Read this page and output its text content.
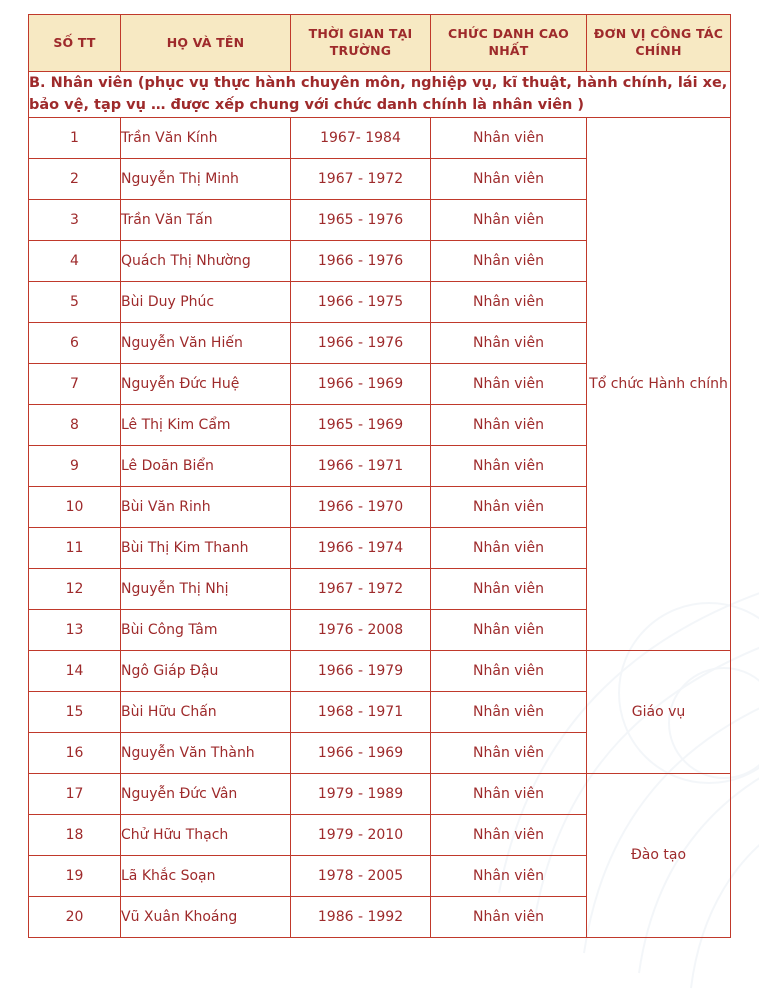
SỐ TT	HỌ VÀ TÊN	THỜI GIAN TẠI TRƯỜNG	CHỨC DANH CAO NHẤT	ĐƠN VỊ CÔNG TÁC CHÍNH
B. Nhân viên (phục vụ thực hành chuyên môn, nghiệp vụ, kĩ thuật, hành chính, lái xe, bảo vệ, tạp vụ … được xếp chung với chức danh chính là nhân viên )				
1	Trần Văn Kính	1967- 1984	Nhân viên	Tổ chức Hành chính
2	Nguyễn Thị Minh	1967 - 1972	Nhân viên	
3	Trần Văn Tấn	1965 - 1976	Nhân viên	
4	Quách Thị Nhường	1966 - 1976	Nhân viên	
5	Bùi Duy Phúc	1966 - 1975	Nhân viên	
6	Nguyễn Văn Hiến	1966 - 1976	Nhân viên	
7	Nguyễn Đức Huệ	1966 - 1969	Nhân viên	
8	Lê Thị Kim Cẩm	1965 - 1969	Nhân viên	
9	Lê Doãn Biển	1966 - 1971	Nhân viên	
10	Bùi Văn Rinh	1966 - 1970	Nhân viên	
11	Bùi Thị Kim Thanh	1966 - 1974	Nhân viên	
12	Nguyễn Thị Nhị	1967 - 1972	Nhân viên	
13	Bùi Công Tâm	1976 - 2008	Nhân viên	
14	Ngô Giáp Đậu	1966 - 1979	Nhân viên	Giáo vụ
15	Bùi Hữu Chấn	1968 - 1971	Nhân viên	
16	Nguyễn Văn Thành	1966 - 1969	Nhân viên	
17	Nguyễn Đức Vân	1979 - 1989	Nhân viên	Đào tạo
18	Chử Hữu Thạch	1979 - 2010	Nhân viên	
19	Lã Khắc Soạn	1978 - 2005	Nhân viên	
20	Vũ Xuân Khoáng	1986 - 1992	Nhân viên	
